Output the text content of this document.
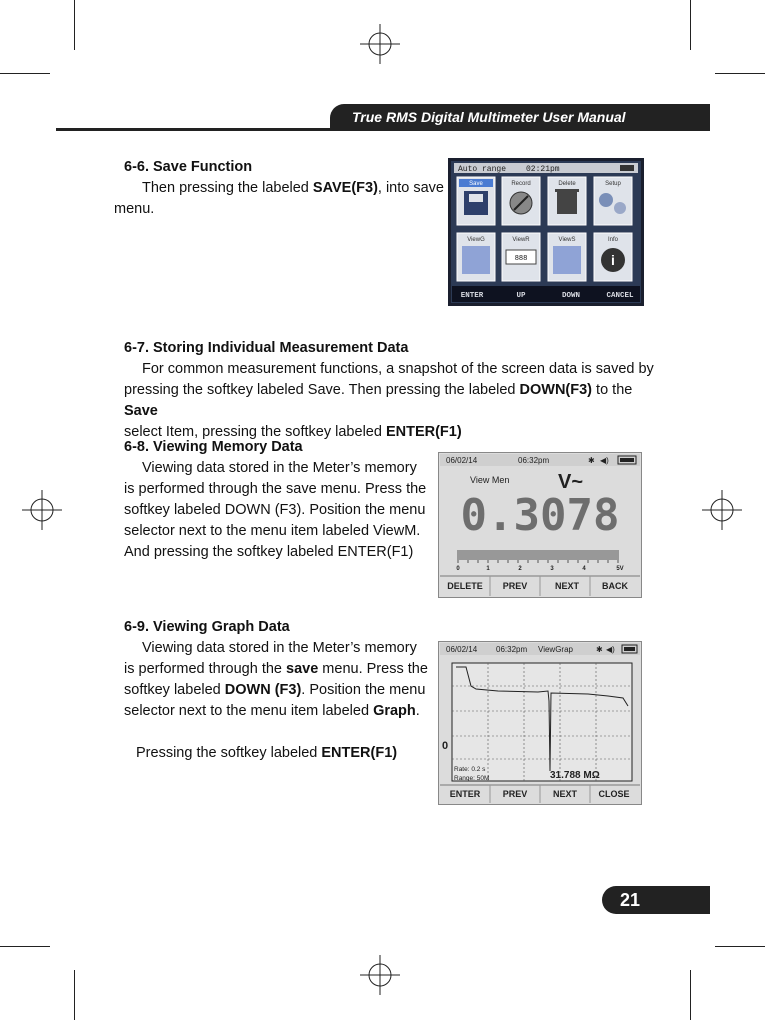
True RMS Digital Multimeter User Manual
6-6. Save Function
Then pressing the labeled SAVE(F3), into save
menu.
Auto range 02:21pm
Save	Record	Delete	Setup
ViewG	ViewR
888
ViewS	Info
i
ENTER	UP	DOWN	CANCEL
6-7. Storing Individual Measurement Data
For common measurement functions, a snapshot of the screen data is saved by
pressing the softkey labeled Save. Then pressing the labeled DOWN(F3) to the Save
select Item, pressing the softkey labeled ENTER(F1)
6-8. Viewing Memory Data
Viewing data stored in the Meter’s memory
is performed through the save menu. Press the
softkey labeled DOWN (F3). Position the menu
selector next to the menu item labeled ViewM.
And pressing the softkey labeled ENTER(F1)
06/02/14	06:32pm	✱ ◀)
View Men V~
0.3078
0	1	2	3	4	5V
DELETE PREV	NEXT	BACK
6-9. Viewing Graph Data
Viewing data stored in the Meter’s memory
is performed through the save menu. Press the
softkey labeled DOWN (F3). Position the menu
selector next to the menu item labeled Graph.
Pressing the softkey labeled ENTER(F1)
06/02/14 06:32pm ViewGrap	✱ ◀)
0
Rate: 0.2 s
Range: 50M	31.788 MΩ
ENTER PREV	NEXT CLOSE
21
